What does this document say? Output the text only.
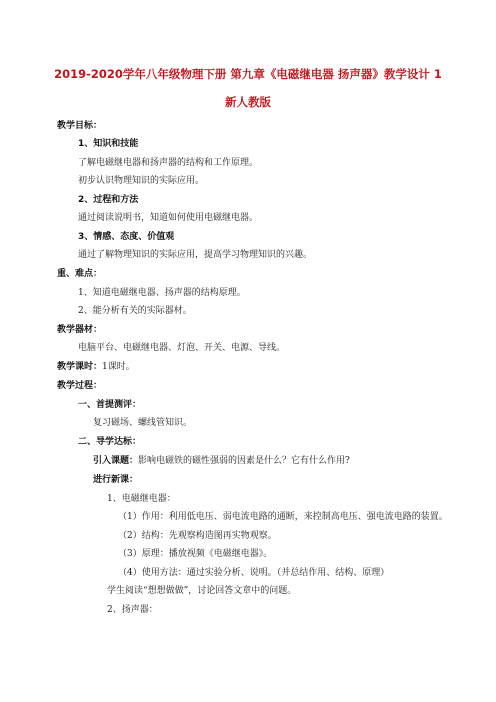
2019-2020学年八年级物理下册 第九章《电磁继电器 扬声器》教学设计 1
新人教版
教学目标：
1、知识和技能
了解电磁继电器和扬声器的结构和工作原理。
初步认识物理知识的实际应用。
2、过程和方法
通过阅读说明书，知道如何使用电磁继电器。
3、情感、态度、价值观
通过了解物理知识的实际应用，提高学习物理知识的兴趣。
重、难点：
1、知道电磁继电器、扬声器的结构原理。
2、能分析有关的实际器材。
教学器材：
电脑平台、电磁继电器、灯泡、开关、电源、导线。
教学课时：1课时。
教学过程：
一、首提测评：
复习磁场、螺线管知识。
二、导学达标：
引入课题：影响电磁铁的磁性强弱的因素是什么？它有什么作用?
进行新课：
1、电磁继电器：
（1）作用：利用低电压、弱电流电路的通断，来控制高电压、强电流电路的装置。
（2）结构：先观察构造图再实物观察。
（3）原理：播放视频《电磁继电器》。
（4）使用方法：通过实验分析、说明。（并总结作用、结构、原理）
学生阅读“想想做做”，讨论回答文章中的问题。
2、扬声器：
